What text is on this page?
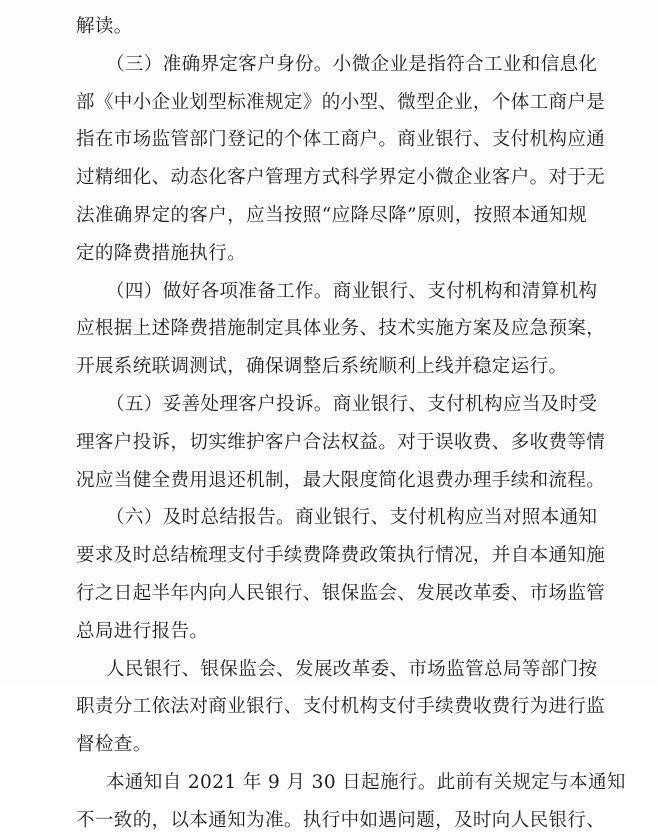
解读。
（三）准确界定客户身份。小微企业是指符合工业和信息化
部《中小企业划型标准规定》的小型、微型企业，个体工商户是
指在市场监管部门登记的个体工商户。商业银行、支付机构应通
过精细化、动态化客户管理方式科学界定小微企业客户。对于无
法准确界定的客户，应当按照“应降尽降”原则，按照本通知规
定的降费措施执行。
（四）做好各项准备工作。商业银行、支付机构和清算机构
应根据上述降费措施制定具体业务、技术实施方案及应急预案，
开展系统联调测试，确保调整后系统顺利上线并稳定运行。
（五）妥善处理客户投诉。商业银行、支付机构应当及时受
理客户投诉，切实维护客户合法权益。对于误收费、多收费等情
况应当健全费用退还机制，最大限度简化退费办理手续和流程。
（六）及时总结报告。商业银行、支付机构应当对照本通知
要求及时总结梳理支付手续费降费政策执行情况，并自本通知施
行之日起半年内向人民银行、银保监会、发展改革委、市场监管
总局进行报告。
人民银行、银保监会、发展改革委、市场监管总局等部门按
职责分工依法对商业银行、支付机构支付手续费收费行为进行监
督检查。
本通知自 2021 年 9 月 30 日起施行。此前有关规定与本通知
不一致的，以本通知为准。执行中如遇问题，及时向人民银行、
